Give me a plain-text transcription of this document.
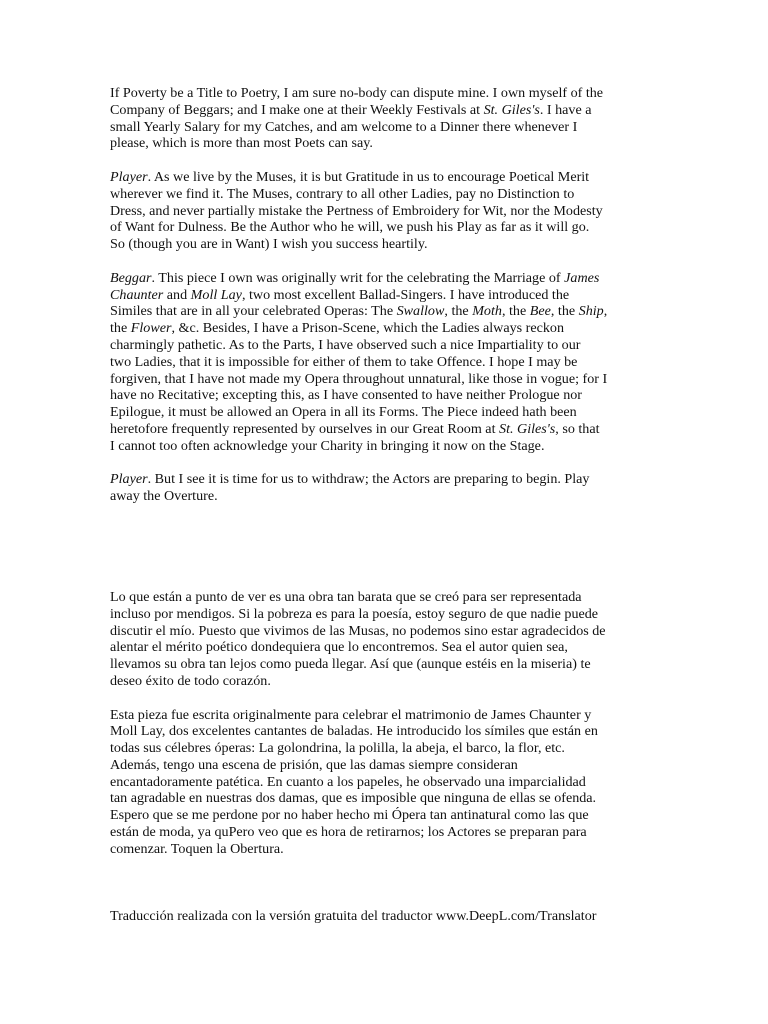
If Poverty be a Title to Poetry, I am sure no-body can dispute mine. I own myself of the
Company of Beggars; and I make one at their Weekly Festivals at St. Giles's. I have a
small Yearly Salary for my Catches, and am welcome to a Dinner there whenever I
please, which is more than most Poets can say.
Player. As we live by the Muses, it is but Gratitude in us to encourage Poetical Merit
wherever we find it. The Muses, contrary to all other Ladies, pay no Distinction to
Dress, and never partially mistake the Pertness of Embroidery for Wit, nor the Modesty
of Want for Dulness. Be the Author who he will, we push his Play as far as it will go.
So (though you are in Want) I wish you success heartily.
Beggar. This piece I own was originally writ for the celebrating the Marriage of James
Chaunter and Moll Lay, two most excellent Ballad-Singers. I have introduced the
Similes that are in all your celebrated Operas: The Swallow, the Moth, the Bee, the Ship,
the Flower, &c. Besides, I have a Prison-Scene, which the Ladies always reckon
charmingly pathetic. As to the Parts, I have observed such a nice Impartiality to our
two Ladies, that it is impossible for either of them to take Offence. I hope I may be
forgiven, that I have not made my Opera throughout unnatural, like those in vogue; for I
have no Recitative; excepting this, as I have consented to have neither Prologue nor
Epilogue, it must be allowed an Opera in all its Forms. The Piece indeed hath been
heretofore frequently represented by ourselves in our Great Room at St. Giles's, so that
I cannot too often acknowledge your Charity in bringing it now on the Stage.
Player. But I see it is time for us to withdraw; the Actors are preparing to begin. Play
away the Overture.
Lo que están a punto de ver es una obra tan barata que se creó para ser representada
incluso por mendigos. Si la pobreza es para la poesía, estoy seguro de que nadie puede
discutir el mío. Puesto que vivimos de las Musas, no podemos sino estar agradecidos de
alentar el mérito poético dondequiera que lo encontremos. Sea el autor quien sea,
llevamos su obra tan lejos como pueda llegar. Así que (aunque estéis en la miseria) te
deseo éxito de todo corazón.
Esta pieza fue escrita originalmente para celebrar el matrimonio de James Chaunter y
Moll Lay, dos excelentes cantantes de baladas. He introducido los símiles que están en
todas sus célebres óperas: La golondrina, la polilla, la abeja, el barco, la flor, etc.
Además, tengo una escena de prisión, que las damas siempre consideran
encantadoramente patética. En cuanto a los papeles, he observado una imparcialidad
tan agradable en nuestras dos damas, que es imposible que ninguna de ellas se ofenda.
Espero que se me perdone por no haber hecho mi Ópera tan antinatural como las que
están de moda, ya quPero veo que es hora de retirarnos; los Actores se preparan para
comenzar. Toquen la Obertura.
Traducción realizada con la versión gratuita del traductor www.DeepL.com/Translator
